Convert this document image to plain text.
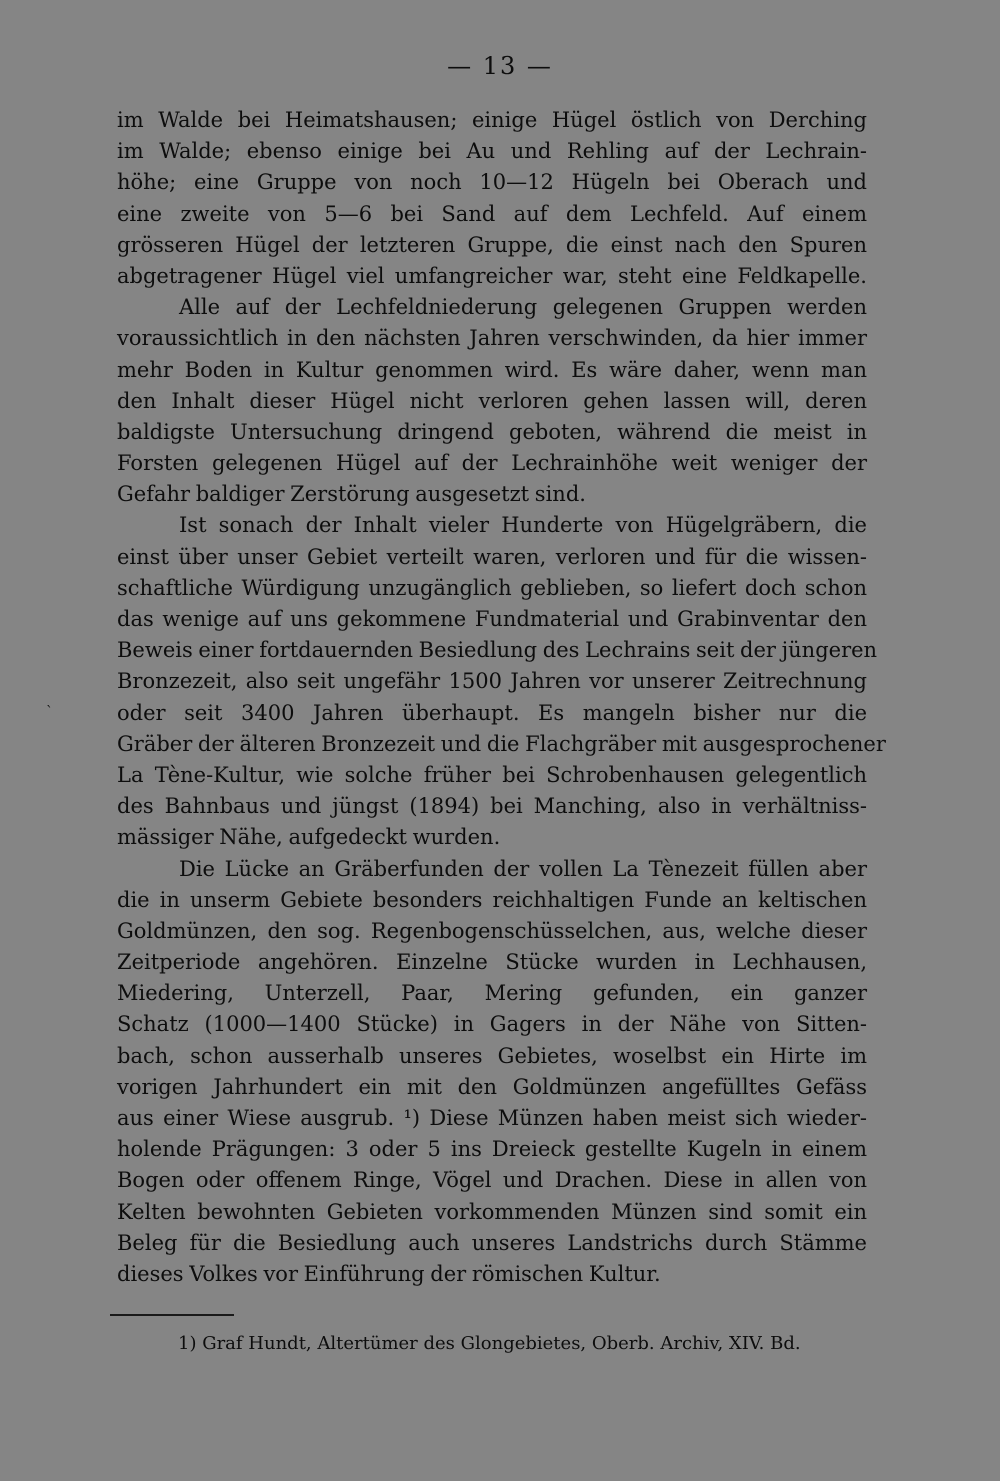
— 13 —
ˋ
im Walde bei Heimatshausen; einige Hügel östlich von Derching
im Walde; ebenso einige bei Au und Rehling auf der Lechrain-
höhe; eine Gruppe von noch 10—12 Hügeln bei Oberach und
eine zweite von 5—6 bei Sand auf dem Lechfeld. Auf einem
grösseren Hügel der letzteren Gruppe, die einst nach den Spuren
abgetragener Hügel viel umfangreicher war, steht eine Feldkapelle.
Alle auf der Lechfeldniederung gelegenen Gruppen werden
voraussichtlich in den nächsten Jahren verschwinden, da hier immer
mehr Boden in Kultur genommen wird. Es wäre daher, wenn man
den Inhalt dieser Hügel nicht verloren gehen lassen will, deren
baldigste Untersuchung dringend geboten, während die meist in
Forsten gelegenen Hügel auf der Lechrainhöhe weit weniger der
Gefahr baldiger Zerstörung ausgesetzt sind.
Ist sonach der Inhalt vieler Hunderte von Hügelgräbern, die
einst über unser Gebiet verteilt waren, verloren und für die wissen-
schaftliche Würdigung unzugänglich geblieben, so liefert doch schon
das wenige auf uns gekommene Fundmaterial und Grabinventar den
Beweis einer fortdauernden Besiedlung des Lechrains seit der jüngeren
Bronzezeit, also seit ungefähr 1500 Jahren vor unserer Zeitrechnung
oder seit 3400 Jahren überhaupt. Es mangeln bisher nur die
Gräber der älteren Bronzezeit und die Flachgräber mit ausgesprochener
La Tène-Kultur, wie solche früher bei Schrobenhausen gelegentlich
des Bahnbaus und jüngst (1894) bei Manching, also in verhältniss-
mässiger Nähe, aufgedeckt wurden.
Die Lücke an Gräberfunden der vollen La Tènezeit füllen aber
die in unserm Gebiete besonders reichhaltigen Funde an keltischen
Goldmünzen, den sog. Regenbogenschüsselchen, aus, welche dieser
Zeitperiode angehören. Einzelne Stücke wurden in Lechhausen,
Miedering, Unterzell, Paar, Mering gefunden, ein ganzer
Schatz (1000—1400 Stücke) in Gagers in der Nähe von Sitten-
bach, schon ausserhalb unseres Gebietes, woselbst ein Hirte im
vorigen Jahrhundert ein mit den Goldmünzen angefülltes Gefäss
aus einer Wiese ausgrub. ¹) Diese Münzen haben meist sich wieder-
holende Prägungen: 3 oder 5 ins Dreieck gestellte Kugeln in einem
Bogen oder offenem Ringe, Vögel und Drachen. Diese in allen von
Kelten bewohnten Gebieten vorkommenden Münzen sind somit ein
Beleg für die Besiedlung auch unseres Landstrichs durch Stämme
dieses Volkes vor Einführung der römischen Kultur.
1) Graf Hundt, Altertümer des Glongebietes, Oberb. Archiv, XIV. Bd.
